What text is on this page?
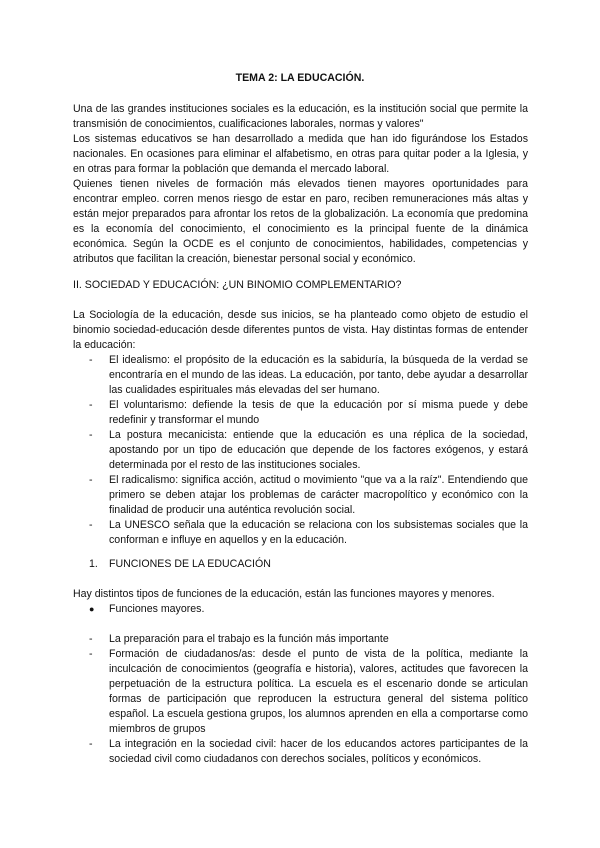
TEMA 2: LA EDUCACIÓN.

Una de las grandes instituciones sociales es la educación, es la institución social que permite la transmisión de conocimientos, cualificaciones laborales, normas y valores"

Los sistemas educativos se han desarrollado a medida que han ido figurándose los Estados nacionales. En ocasiones para eliminar el alfabetismo, en otras para quitar poder a la Iglesia, y en otras para formar la población que demanda el mercado laboral.

Quienes tienen niveles de formación más elevados tienen mayores oportunidades para encontrar empleo. corren menos riesgo de estar en paro, reciben remuneraciones más altas y están mejor preparados para afrontar los retos de la globalización. La economía que predomina es la economía del conocimiento, el conocimiento es la principal fuente de la dinámica económica. Según la OCDE es el conjunto de conocimientos, habilidades, competencias y atributos que facilitan la creación, bienestar personal social y económico.

II. SOCIEDAD Y EDUCACIÓN: ¿UN BINOMIO COMPLEMENTARIO?

La Sociología de la educación, desde sus inicios, se ha planteado como objeto de estudio el binomio sociedad-educación desde diferentes puntos de vista. Hay distintas formas de entender la educación:

- El idealismo: el propósito de la educación es la sabiduría, la búsqueda de la verdad se encontraría en el mundo de las ideas. La educación, por tanto, debe ayudar a desarrollar las cualidades espirituales más elevadas del ser humano.
- El voluntarismo: defiende la tesis de que la educación por sí misma puede y debe redefinir y transformar el mundo
- La postura mecanicista: entiende que la educación es una réplica de la sociedad, apostando por un tipo de educación que depende de los factores exógenos, y estará determinada por el resto de las instituciones sociales.
- El radicalismo: significa acción, actitud o movimiento "que va a la raíz". Entendiendo que primero se deben atajar los problemas de carácter macropolítico y económico con la finalidad de producir una auténtica revolución social.
- La UNESCO señala que la educación se relaciona con los subsistemas sociales que la conforman e influye en aquellos y en la educación.
1. FUNCIONES DE LA EDUCACIÓN

Hay distintos tipos de funciones de la educación, están las funciones mayores y menores.

● Funciones mayores.
- La preparación para el trabajo es la función más importante
- Formación de ciudadanos/as: desde el punto de vista de la política, mediante la inculcación de conocimientos (geografía e historia), valores, actitudes que favorecen la perpetuación de la estructura política. La escuela es el escenario donde se articulan formas de participación que reproducen la estructura general del sistema político español. La escuela gestiona grupos, los alumnos aprenden en ella a comportarse como miembros de grupos
- La integración en la sociedad civil: hacer de los educandos actores participantes de la sociedad civil como ciudadanos con derechos sociales, políticos y económicos.
